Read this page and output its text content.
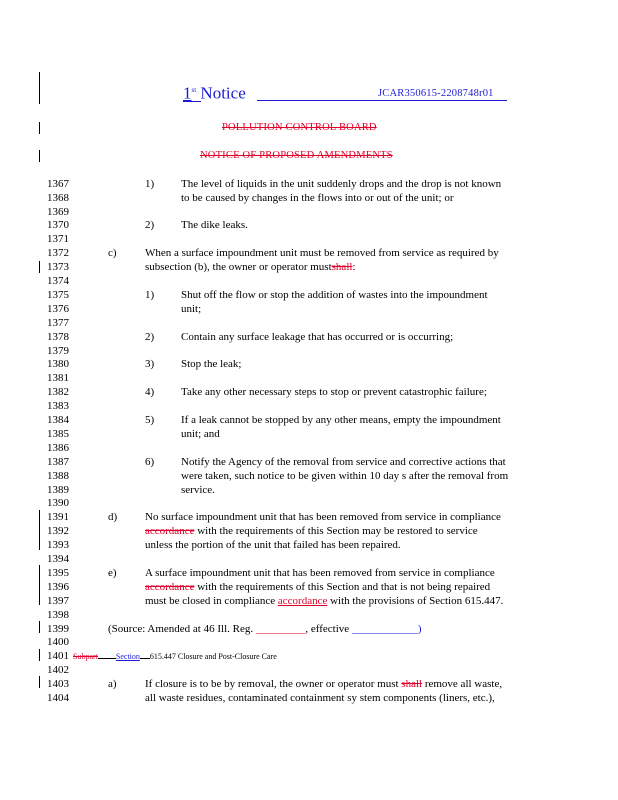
1st Notice	JCAR350615-2208748r01
POLLUTION CONTROL BOARD
NOTICE OF PROPOSED AMENDMENTS
1367
1368
1369
1370
1371
1372
1373
1374
1375
1376
1377
1378
1379
1380
1381
1382
1383
1384
1385
1386
1387
1388
1389
1390
1391
1392
1393
1394
1395
1396
1397
1398
1399
1400
1401
1402
1403
1404
1) The level of liquids in the unit suddenly drops and the drop is not known
to be caused by changes in the flows into or out of the unit; or
2) The dike leaks.
c)	When a surface impoundment unit must be removed from service as required by
subsection (b), the owner or operator mustshall:
1) Shut off the flow or stop the addition of wastes into the impoundment
unit;
2) Contain any surface leakage that has occurred or is occurring;
3) Stop the leak;
4) Take any other necessary steps to stop or prevent catastrophic failure;
5) If a leak cannot be stopped by any other means, empty the impoundment
unit; and
6) Notify the Agency of the removal from service and corrective actions that
were taken, such notice to be given within 10 day s after the removal from
service.
d)	No surface impoundment unit that has been removed from service in compliance
accordance with the requirements of this Section may be restored to service
unless the portion of the unit that failed has been repaired.
e)	A surface impoundment unit that has been removed from service in compliance
accordance with the requirements of this Section and that is not being repaired
must be closed in compliance accordance with the provisions of Section 615.447.
(Source: Amended at 46 Ill. Reg. _________, effective ____________)
Subpart Section 615.447 Closure and Post-Closure Care
a)	If closure is to be by removal, the owner or operator must shall remove all waste,
all waste residues, contaminated containment sy stem components (liners, etc.),
